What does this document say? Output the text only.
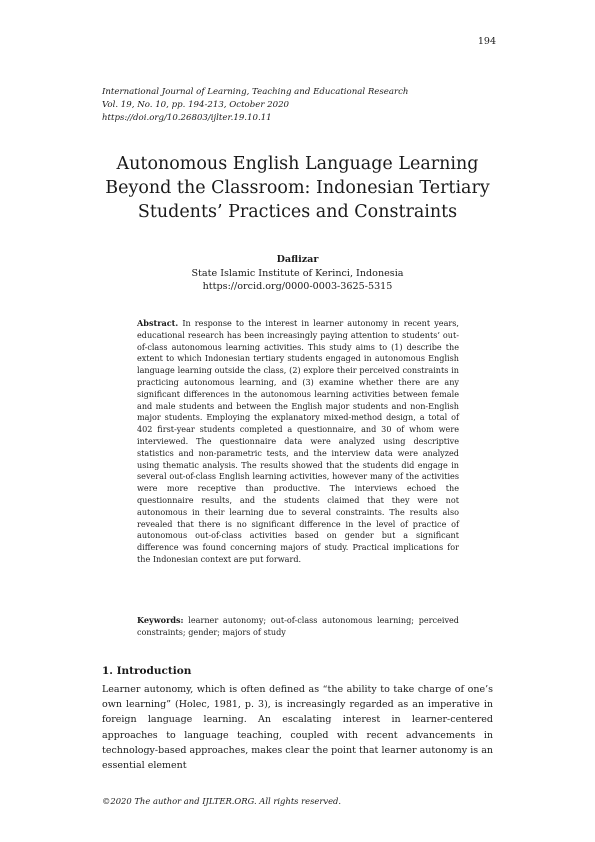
194
International Journal of Learning, Teaching and Educational Research
Vol. 19, No. 10, pp. 194-213, October 2020
https://doi.org/10.26803/ijlter.19.10.11
Autonomous English Language Learning
Beyond the Classroom: Indonesian Tertiary
Students’ Practices and Constraints
Daflizar
State Islamic Institute of Kerinci, Indonesia
https://orcid.org/0000-0003-3625-5315

Abstract. In response to the interest in learner autonomy in recent years, educational research has been increasingly paying attention to students’ out-of-class autonomous learning activities. This study aims to (1) describe the extent to which Indonesian tertiary students engaged in autonomous English language learning outside the class, (2) explore their perceived constraints in practicing autonomous learning, and (3) examine whether there are any significant differences in the autonomous learning activities between female and male students and between the English major students and non-English major students. Employing the explanatory mixed-method design, a total of 402 first-year students completed a questionnaire, and 30 of whom were interviewed. The questionnaire data were analyzed using descriptive statistics and non-parametric tests, and the interview data were analyzed using thematic analysis. The results showed that the students did engage in several out-of-class English learning activities, however many of the activities were more receptive than productive. The interviews echoed the questionnaire results, and the students claimed that they were not autonomous in their learning due to several constraints. The results also revealed that there is no significant difference in the level of practice of autonomous out-of-class activities based on gender but a significant difference was found concerning majors of study. Practical implications for the Indonesian context are put forward.

Keywords: learner autonomy; out-of-class autonomous learning; perceived constraints; gender; majors of study

1. Introduction

Learner autonomy, which is often defined as “the ability to take charge of one’s own learning” (Holec, 1981, p. 3), is increasingly regarded as an imperative in foreign language learning. An escalating interest in learner-centered approaches to language teaching, coupled with recent advancements in technology-based approaches, makes clear the point that learner autonomy is an essential element

©2020 The author and IJLTER.ORG. All rights reserved.
